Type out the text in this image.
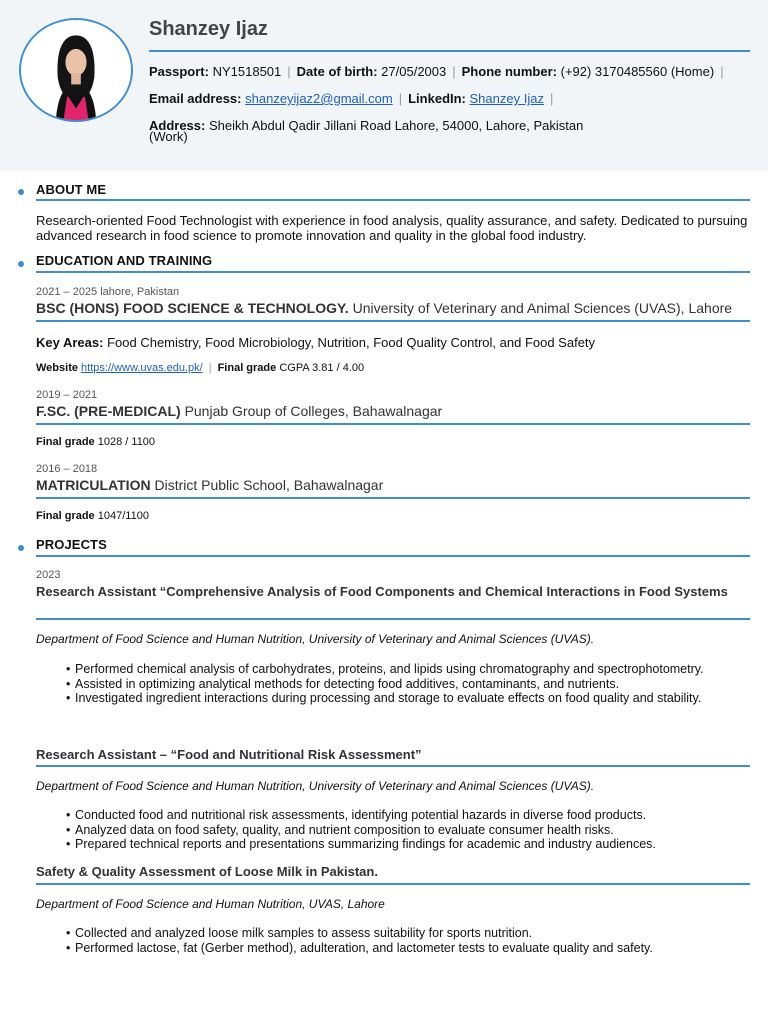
Shanzey Ijaz
Passport: NY1518501 | Date of birth: 27/05/2003 | Phone number: (+92) 3170485560 (Home) |
Email address: shanzeyijaz2@gmail.com | LinkedIn: Shanzey Ijaz |
Address: Sheikh Abdul Qadir Jillani Road Lahore, 54000, Lahore, Pakistan
(Work)
ABOUT ME
Research-oriented Food Technologist with experience in food analysis, quality assurance, and safety. Dedicated to pursuing advanced research in food science to promote innovation and quality in the global food industry.
EDUCATION AND TRAINING
2021 – 2025 lahore, Pakistan
BSC (HONS) FOOD SCIENCE & TECHNOLOGY. University of Veterinary and Animal Sciences (UVAS), Lahore
Key Areas: Food Chemistry, Food Microbiology, Nutrition, Food Quality Control, and Food Safety
Website https://www.uvas.edu.pk/ | Final grade CGPA 3.81 / 4.00
2019 – 2021
F.SC. (PRE-MEDICAL) Punjab Group of Colleges, Bahawalnagar
Final grade 1028 / 1100
2016 – 2018
MATRICULATION District Public School, Bahawalnagar
Final grade 1047/1100
PROJECTS
2023
Research Assistant “Comprehensive Analysis of Food Components and Chemical Interactions in Food Systems
Department of Food Science and Human Nutrition, University of Veterinary and Animal Sciences (UVAS).
• Performed chemical analysis of carbohydrates, proteins, and lipids using chromatography and spectrophotometry.
• Assisted in optimizing analytical methods for detecting food additives, contaminants, and nutrients.
• Investigated ingredient interactions during processing and storage to evaluate effects on food quality and stability.
Research Assistant – “Food and Nutritional Risk Assessment”
Department of Food Science and Human Nutrition, University of Veterinary and Animal Sciences (UVAS).
• Conducted food and nutritional risk assessments, identifying potential hazards in diverse food products.
• Analyzed data on food safety, quality, and nutrient composition to evaluate consumer health risks.
• Prepared technical reports and presentations summarizing findings for academic and industry audiences.
Safety & Quality Assessment of Loose Milk in Pakistan.
Department of Food Science and Human Nutrition, UVAS, Lahore
• Collected and analyzed loose milk samples to assess suitability for sports nutrition.
• Performed lactose, fat (Gerber method), adulteration, and lactometer tests to evaluate quality and safety.
